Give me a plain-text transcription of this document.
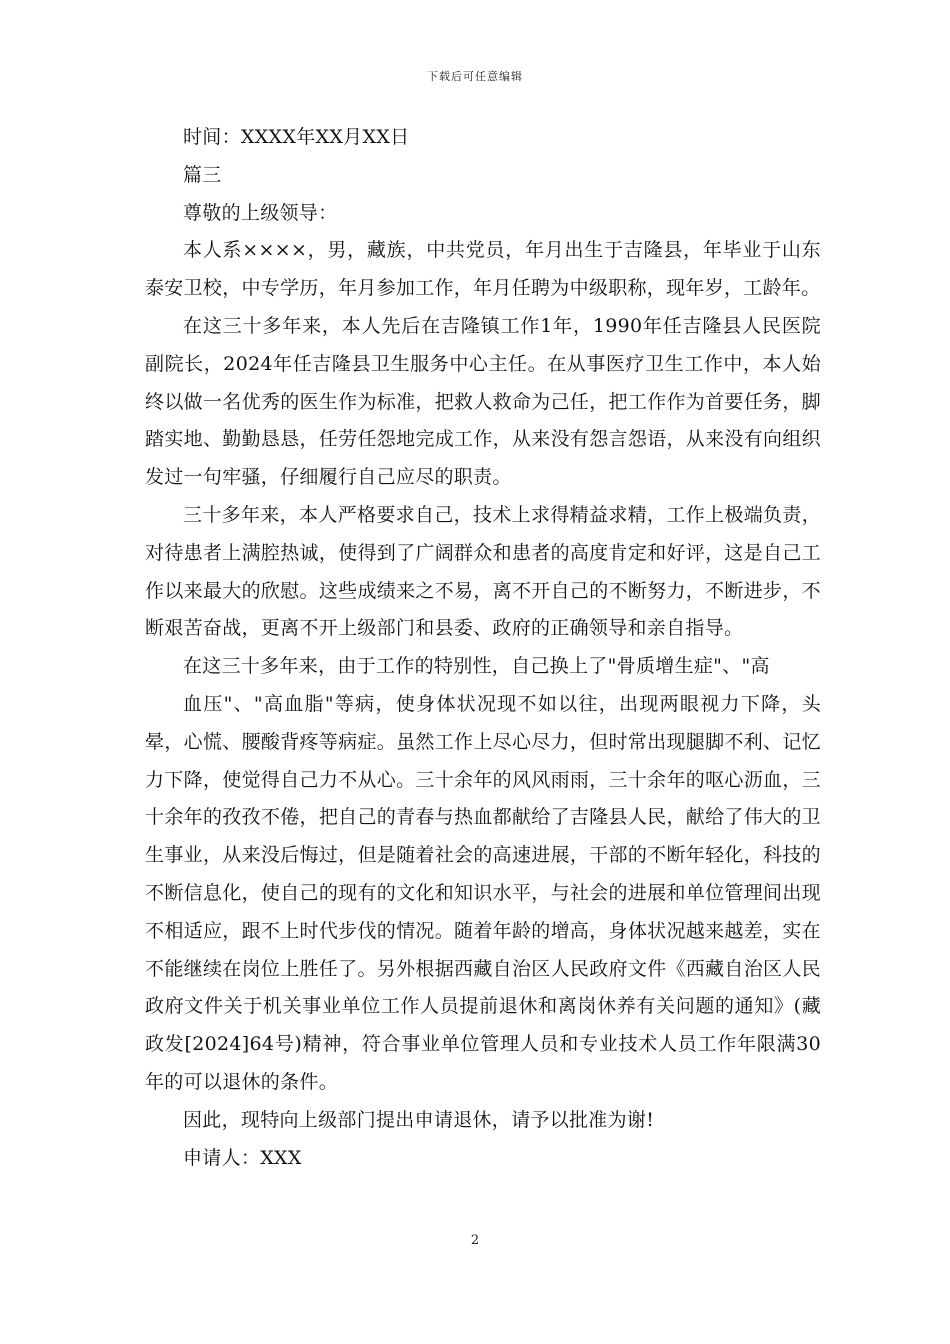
下载后可任意编辑

时间：XXXX年XX月XX日

篇三

尊敬的上级领导：

本人系××××，男，藏族，中共党员，年月出生于吉隆县，年毕业于山东泰安卫校，中专学历，年月参加工作，年月任聘为中级职称，现年岁，工龄年。

在这三十多年来，本人先后在吉隆镇工作1年，1990年任吉隆县人民医院副院长，2024年任吉隆县卫生服务中心主任。在从事医疗卫生工作中，本人始终以做一名优秀的医生作为标准，把救人救命为己任，把工作作为首要任务，脚踏实地、勤勤恳恳，任劳任怨地完成工作，从来没有怨言怨语，从来没有向组织发过一句牢骚，仔细履行自己应尽的职责。

三十多年来，本人严格要求自己，技术上求得精益求精，工作上极端负责，对待患者上满腔热诚，使得到了广阔群众和患者的高度肯定和好评，这是自己工作以来最大的欣慰。这些成绩来之不易，离不开自己的不断努力，不断进步，不断艰苦奋战，更离不开上级部门和县委、政府的正确领导和亲自指导。

在这三十多年来，由于工作的特别性，自己换上了"骨质增生症"、"高

血压"、"高血脂"等病，使身体状况现不如以往，出现两眼视力下降，头晕，心慌、腰酸背疼等病症。虽然工作上尽心尽力，但时常出现腿脚不利、记忆力下降，使觉得自己力不从心。三十余年的风风雨雨，三十余年的呕心沥血，三十余年的孜孜不倦，把自己的青春与热血都献给了吉隆县人民，献给了伟大的卫生事业，从来没后悔过，但是随着社会的高速进展，干部的不断年轻化，科技的不断信息化，使自己的现有的文化和知识水平，与社会的进展和单位管理间出现不相适应，跟不上时代步伐的情况。随着年龄的增高，身体状况越来越差，实在不能继续在岗位上胜任了。另外根据西藏自治区人民政府文件《西藏自治区人民政府文件关于机关事业单位工作人员提前退休和离岗休养有关问题的通知》(藏政发[2024]64号)精神，符合事业单位管理人员和专业技术人员工作年限满30年的可以退休的条件。

因此，现特向上级部门提出申请退休，请予以批准为谢!

申请人：XXX

2
